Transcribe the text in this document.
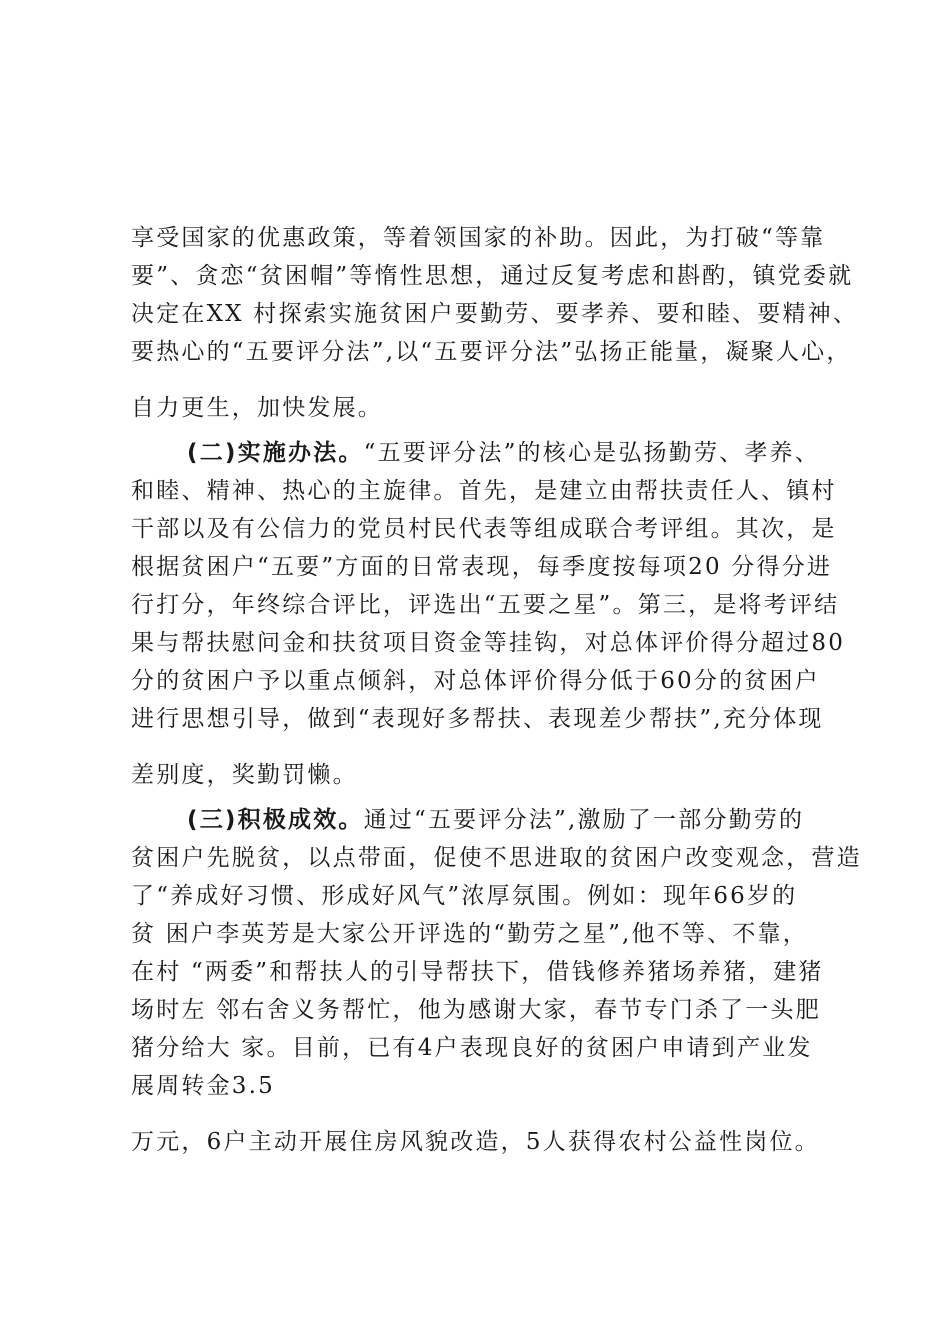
享受国家的优惠政策，等着领国家的补助。因此，为打破“等靠
要”、贪恋“贫困帽”等惰性思想，通过反复考虑和斟酌，镇党委就
决定在XX 村探索实施贫困户要勤劳、要孝养、要和睦、要精神、
要热心的“五要评分法”,以“五要评分法”弘扬正能量，凝聚人心，
自力更生，加快发展。
(二)实施办法。“五要评分法”的核心是弘扬勤劳、孝养、
和睦、精神、热心的主旋律。首先，是建立由帮扶责任人、镇村
干部以及有公信力的党员村民代表等组成联合考评组。其次，是
根据贫困户“五要”方面的日常表现，每季度按每项20 分得分进
行打分，年终综合评比，评选出“五要之星”。第三，是将考评结
果与帮扶慰问金和扶贫项目资金等挂钩，对总体评价得分超过80
分的贫困户予以重点倾斜，对总体评价得分低于60分的贫困户
进行思想引导，做到“表现好多帮扶、表现差少帮扶”,充分体现
差别度，奖勤罚懒。
(三)积极成效。通过“五要评分法”,激励了一部分勤劳的
贫困户先脱贫，以点带面，促使不思进取的贫困户改变观念，营造
了“养成好习惯、形成好风气”浓厚氛围。例如：现年66岁的
贫 困户李英芳是大家公开评选的“勤劳之星”,他不等、不靠，
在村 “两委”和帮扶人的引导帮扶下，借钱修养猪场养猪，建猪
场时左 邻右舍义务帮忙，他为感谢大家，春节专门杀了一头肥
猪分给大 家。目前，已有4户表现良好的贫困户申请到产业发
展周转金3.5
万元，6户主动开展住房风貌改造，5人获得农村公益性岗位。
